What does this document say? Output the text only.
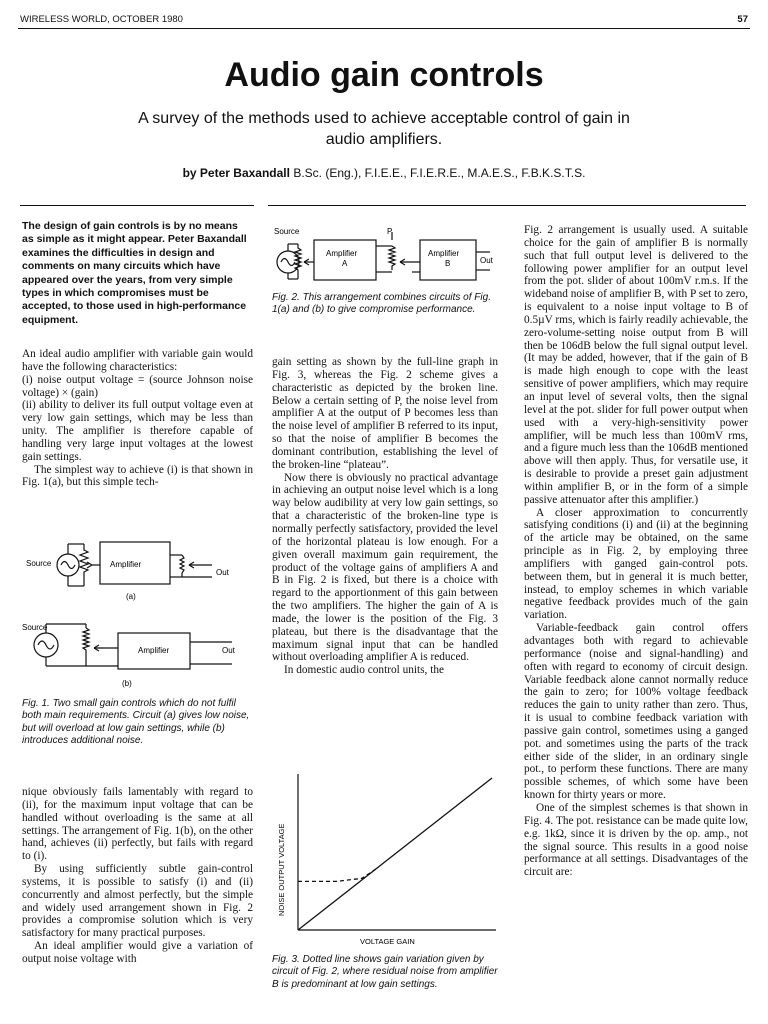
WIRELESS WORLD, OCTOBER 1980	57
Audio gain controls

A survey of the methods used to achieve acceptable control of gain in audio amplifiers.

by Peter Baxandall B.Sc. (Eng.), F.I.E.E., F.I.E.R.E., M.A.E.S., F.B.K.S.T.S.

The design of gain controls is by no means as simple as it might appear. Peter Baxandall examines the difficulties in design and comments on many circuits which have appeared over the years, from very simple types in which compromises must be accepted, to those used in high-performance equipment.

An ideal audio amplifier with variable gain would have the following characteristics:

(i) noise output voltage = (source Johnson noise voltage) × (gain)

(ii) ability to deliver its full output voltage even at very low gain settings, which may be less than unity. The amplifier is therefore capable of handling very large input voltages at the lowest gain settings.

The simplest way to achieve (i) is that shown in Fig. 1(a), but this simple tech-

Source	Amplifier
Out
(a)
Source
Amplifier	Out
(b)

Fig. 1. Two small gain controls which do not fulfil both main requirements. Circuit (a) gives low noise, but will overload at low gain settings, while (b) introduces additional noise.

nique obviously fails lamentably with regard to (ii), for the maximum input voltage that can be handled without overloading is the same at all settings. The arrangement of Fig. 1(b), on the other hand, achieves (ii) perfectly, but fails with regard to (i).

By using sufficiently subtle gain-control systems, it is possible to satisfy (i) and (ii) concurrently and almost perfectly, but the simple and widely used arrangement shown in Fig. 2 provides a compromise solution which is very satisfactory for many practical purposes.

An ideal amplifier would give a variation of output noise voltage with

Source	P
Amplifier
A
Amplifier
B	Out

Fig. 2. This arrangement combines circuits of Fig. 1(a) and (b) to give compromise performance.

gain setting as shown by the full-line graph in Fig. 3, whereas the Fig. 2 scheme gives a characteristic as depicted by the broken line. Below a certain setting of P, the noise level from amplifier A at the output of P becomes less than the noise level of amplifier B referred to its input, so that the noise of amplifier B becomes the dominant contribution, establishing the level of the broken-line “plateau”.

Now there is obviously no practical advantage in achieving an output noise level which is a long way below audibility at very low gain settings, so that a characteristic of the broken-line type is normally perfectly satisfactory, provided the level of the horizontal plateau is low enough. For a given overall maximum gain requirement, the product of the voltage gains of amplifiers A and B in Fig. 2 is fixed, but there is a choice with regard to the apportionment of this gain between the two amplifiers. The higher the gain of A is made, the lower is the position of the Fig. 3 plateau, but there is the disadvantage that the maximum signal input that can be handled without overloading amplifier A is reduced.

In domestic audio control units, the

NOISE OUTPUT VOLTAGE
VOLTAGE GAIN

Fig. 3. Dotted line shows gain variation given by circuit of Fig. 2, where residual noise from amplifier B is predominant at low gain settings.

Fig. 2 arrangement is usually used. A suitable choice for the gain of amplifier B is normally such that full output level is delivered to the following power amplifier for an output level from the pot. slider of about 100mV r.m.s. If the wideband noise of amplifier B, with P set to zero, is equivalent to a noise input voltage to B of 0.5µV rms, which is fairly readily achievable, the zero-volume-setting noise output from B will then be 106dB below the full signal output level. (It may be added, however, that if the gain of B is made high enough to cope with the least sensitive of power amplifiers, which may require an input level of several volts, then the signal level at the pot. slider for full power output when used with a very-high-sensitivity power amplifier, will be much less than 100mV rms, and a figure much less than the 106dB mentioned above will then apply. Thus, for versatile use, it is desirable to provide a preset gain adjustment within amplifier B, or in the form of a simple passive attenuator after this amplifier.)

A closer approximation to concurrently satisfying conditions (i) and (ii) at the beginning of the article may be obtained, on the same principle as in Fig. 2, by employing three amplifiers with ganged gain-control pots. between them, but in general it is much better, instead, to employ schemes in which variable negative feedback provides much of the gain variation.

Variable-feedback gain control offers advantages both with regard to achievable performance (noise and signal-handling) and often with regard to economy of circuit design. Variable feedback alone cannot normally reduce the gain to zero; for 100% voltage feedback reduces the gain to unity rather than zero. Thus, it is usual to combine feedback variation with passive gain control, sometimes using a ganged pot. and sometimes using the parts of the track either side of the slider, in an ordinary single pot., to perform these functions. There are many possible schemes, of which some have been known for thirty years or more.

One of the simplest schemes is that shown in Fig. 4. The pot. resistance can be made quite low, e.g. 1kΩ, since it is driven by the op. amp., not the signal source. This results in a good noise performance at all settings. Disadvantages of the circuit are:
